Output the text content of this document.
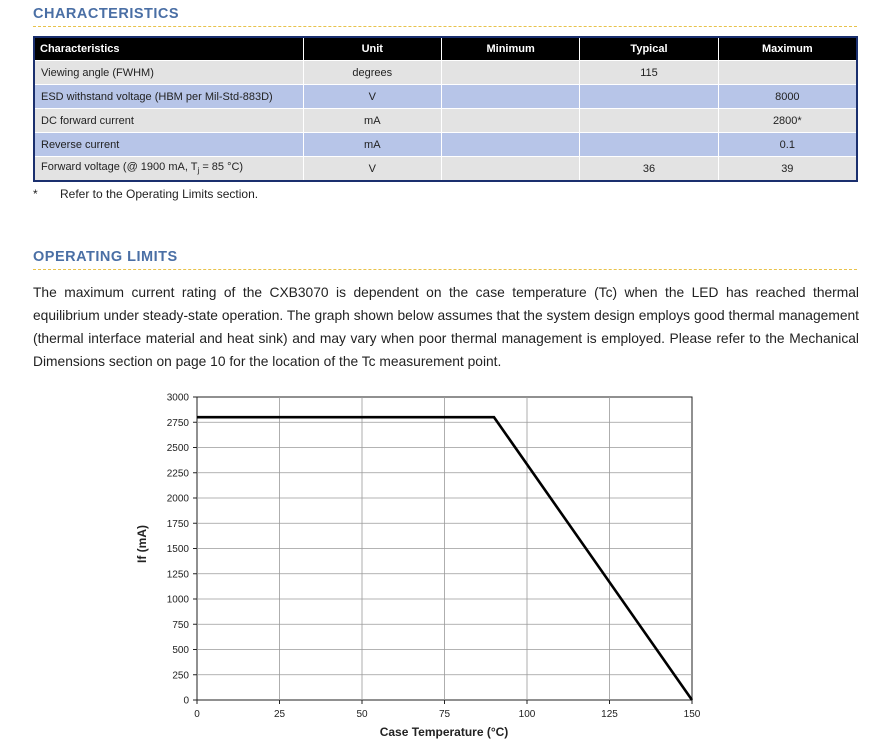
CHARACTERISTICS
Characteristics	Unit	Minimum	Typical	Maximum
Viewing angle (FWHM)	degrees		115	
ESD withstand voltage (HBM per Mil-Std-883D)	V			8000
DC forward current	mA			2800*
Reverse current	mA			0.1
Forward voltage (@ 1900 mA, $T_j = 85$ °C)	V		36	39
* Refer to the Operating Limits section.
OPERATING LIMITS
The maximum current rating of the CXB3070 is dependent on the case temperature (Tc) when the LED has reached thermal equilibrium under steady-state operation. The graph shown below assumes that the system design employs good thermal management (thermal interface material and heat sink) and may vary when poor thermal management is employed. Please refer to the Mechanical Dimensions section on page 10 for the location of the Tc measurement point.
0
250
500
750
1000
1250
1500
1750
2000
2250
2500
2750
3000
0	25	50	75	100	125	150
Case Temperature (°C)
If (mA)
